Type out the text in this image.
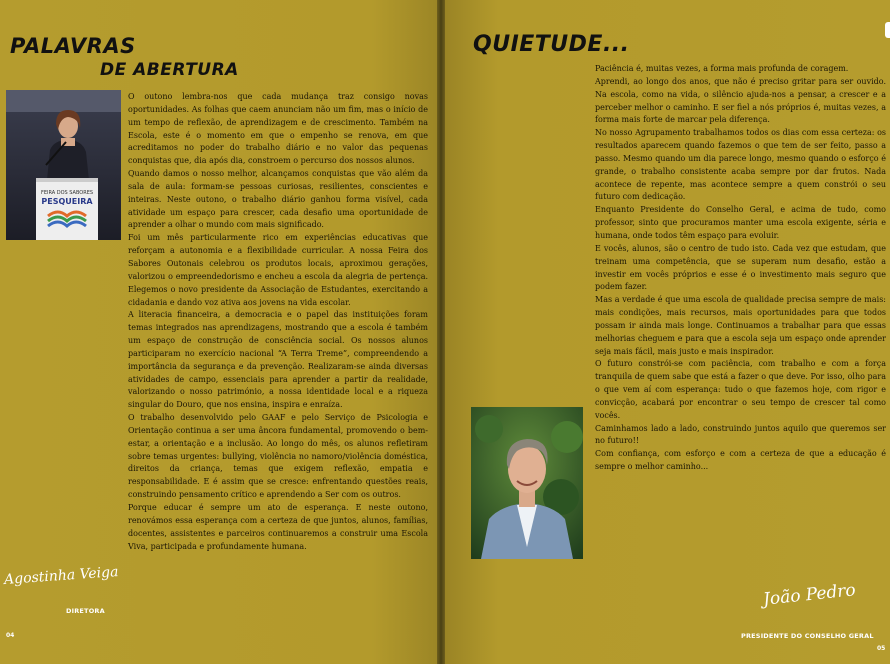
PALAVRAS
DE ABERTURA
FEIRA DOS SABORES
PESQUEIRA

O outono lembra-nos que cada mudança traz consigo novas oportunidades. As folhas que caem anunciam não um fim, mas o início de um tempo de reflexão, de aprendizagem e de crescimento. Também na Escola, este é o momento em que o empenho se renova, em que acreditamos no poder do trabalho diário e no valor das pequenas conquistas que, dia após dia, constroem o percurso dos nossos alunos.

Quando damos o nosso melhor, alcançamos conquistas que vão além da sala de aula: formam-se pessoas curiosas, resilientes, conscientes e inteiras. Neste outono, o trabalho diário ganhou forma visível, cada atividade um espaço para crescer, cada desafio uma oportunidade de aprender a olhar o mundo com mais significado.

Foi um mês particularmente rico em experiências educativas que reforçam a autonomia e a flexibilidade curricular. A nossa Feira dos Sabores Outonais celebrou os produtos locais, aproximou gerações, valorizou o empreendedorismo e encheu a escola da alegria de pertença. Elegemos o novo presidente da Associação de Estudantes, exercitando a cidadania e dando voz ativa aos jovens na vida escolar.

A literacia financeira, a democracia e o papel das instituições foram temas integrados nas aprendizagens, mostrando que a escola é também um espaço de construção de consciência social. Os nossos alunos participaram no exercício nacional “A Terra Treme”, compreendendo a importância da segurança e da prevenção. Realizaram-se ainda diversas atividades de campo, essenciais para aprender a partir da realidade, valorizando o nosso património, a nossa identidade local e a riqueza singular do Douro, que nos ensina, inspira e enraíza.

O trabalho desenvolvido pelo GAAF e pelo Serviço de Psicologia e Orientação continua a ser uma âncora fundamental, promovendo o bem-estar, a orientação e a inclusão. Ao longo do mês, os alunos refletiram sobre temas urgentes: bullying, violência no namoro/violência doméstica, direitos da criança, temas que exigem reflexão, empatia e responsabilidade. E é assim que se cresce: enfrentando questões reais, construindo pensamento crítico e aprendendo a Ser com os outros.

Porque educar é sempre um ato de esperança. E neste outono, renovámos essa esperança com a certeza de que juntos, alunos, famílias, docentes, assistentes e parceiros continuaremos a construir uma Escola Viva, participada e profundamente humana.

Agostinha Veiga
DIRETORA
04
QUIETUDE...

Paciência é, muitas vezes, a forma mais profunda de coragem.

Aprendi, ao longo dos anos, que não é preciso gritar para ser ouvido. Na escola, como na vida, o silêncio ajuda-nos a pensar, a crescer e a perceber melhor o caminho. E ser fiel a nós próprios é, muitas vezes, a forma mais forte de marcar pela diferença.

No nosso Agrupamento trabalhamos todos os dias com essa certeza: os resultados aparecem quando fazemos o que tem de ser feito, passo a passo. Mesmo quando um dia parece longo, mesmo quando o esforço é grande, o trabalho consistente acaba sempre por dar frutos. Nada acontece de repente, mas acontece sempre a quem constrói o seu futuro com dedicação.

Enquanto Presidente do Conselho Geral, e acima de tudo, como professor, sinto que procuramos manter uma escola exigente, séria e humana, onde todos têm espaço para evoluir.

E vocês, alunos, são o centro de tudo isto. Cada vez que estudam, que treinam uma competência, que se superam num desafio, estão a investir em vocês próprios e esse é o investimento mais seguro que podem fazer.

Mas a verdade é que uma escola de qualidade precisa sempre de mais: mais condições, mais recursos, mais oportunidades para que todos possam ir ainda mais longe. Continuamos a trabalhar para que essas melhorias cheguem e para que a escola seja um espaço onde aprender seja mais fácil, mais justo e mais inspirador.

O futuro constrói-se com paciência, com trabalho e com a força tranquila de quem sabe que está a fazer o que deve. Por isso, olho para o que vem aí com esperança: tudo o que fazemos hoje, com rigor e convicção, acabará por encontrar o seu tempo de crescer tal como vocês.

Caminhamos lado a lado, construindo juntos aquilo que queremos ser no futuro!!

Com confiança, com esforço e com a certeza de que a educação é sempre o melhor caminho...

João Pedro
PRESIDENTE DO CONSELHO GERAL
05
